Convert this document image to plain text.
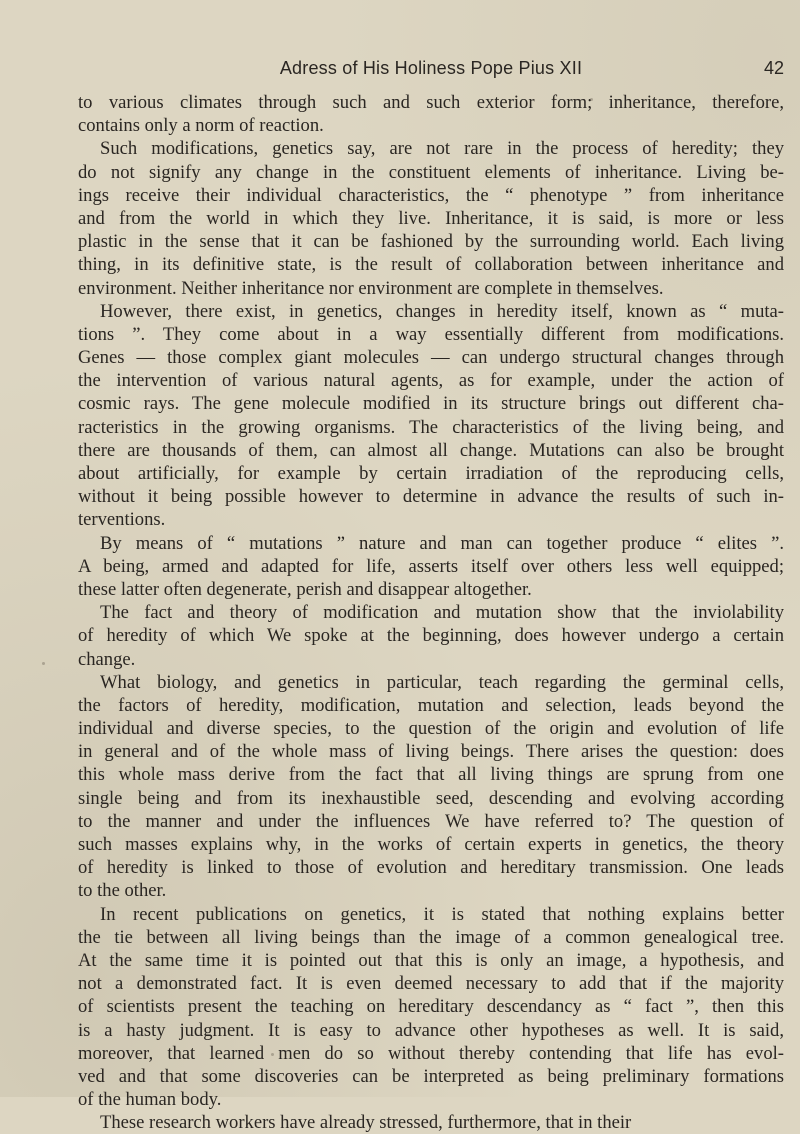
Adress of His Holiness Pope Pius XII	42
to various climates through such and such exterior form; inheritance, therefore,
contains only a norm of reaction.
Such modifications, genetics say, are not rare in the process of heredity; they
do not signify any change in the constituent elements of inheritance. Living be-
ings receive their individual characteristics, the “ phenotype ” from inheritance
and from the world in which they live. Inheritance, it is said, is more or less
plastic in the sense that it can be fashioned by the surrounding world. Each living
thing, in its definitive state, is the result of collaboration between inheritance and
environment. Neither inheritance nor environment are complete in themselves.
However, there exist, in genetics, changes in heredity itself, known as “ muta-
tions ”. They come about in a way essentially different from modifications.
Genes — those complex giant molecules — can undergo structural changes through
the intervention of various natural agents, as for example, under the action of
cosmic rays. The gene molecule modified in its structure brings out different cha-
racteristics in the growing organisms. The characteristics of the living being, and
there are thousands of them, can almost all change. Mutations can also be brought
about artificially, for example by certain irradiation of the reproducing cells,
without it being possible however to determine in advance the results of such in-
terventions.
By means of “ mutations ” nature and man can together produce “ elites ”.
A being, armed and adapted for life, asserts itself over others less well equipped;
these latter often degenerate, perish and disappear altogether.
The fact and theory of modification and mutation show that the inviolability
of heredity of which We spoke at the beginning, does however undergo a certain
change.
What biology, and genetics in particular, teach regarding the germinal cells,
the factors of heredity, modification, mutation and selection, leads beyond the
individual and diverse species, to the question of the origin and evolution of life
in general and of the whole mass of living beings. There arises the question: does
this whole mass derive from the fact that all living things are sprung from one
single being and from its inexhaustible seed, descending and evolving according
to the manner and under the influences We have referred to? The question of
such masses explains why, in the works of certain experts in genetics, the theory
of heredity is linked to those of evolution and hereditary transmission. One leads
to the other.
In recent publications on genetics, it is stated that nothing explains better
the tie between all living beings than the image of a common genealogical tree.
At the same time it is pointed out that this is only an image, a hypothesis, and
not a demonstrated fact. It is even deemed necessary to add that if the majority
of scientists present the teaching on hereditary descendancy as “ fact ”, then this
is a hasty judgment. It is easy to advance other hypotheses as well. It is said,
moreover, that learned men do so without thereby contending that life has evol-
ved and that some discoveries can be interpreted as being preliminary formations
of the human body.
These research workers have already stressed, furthermore, that in their
